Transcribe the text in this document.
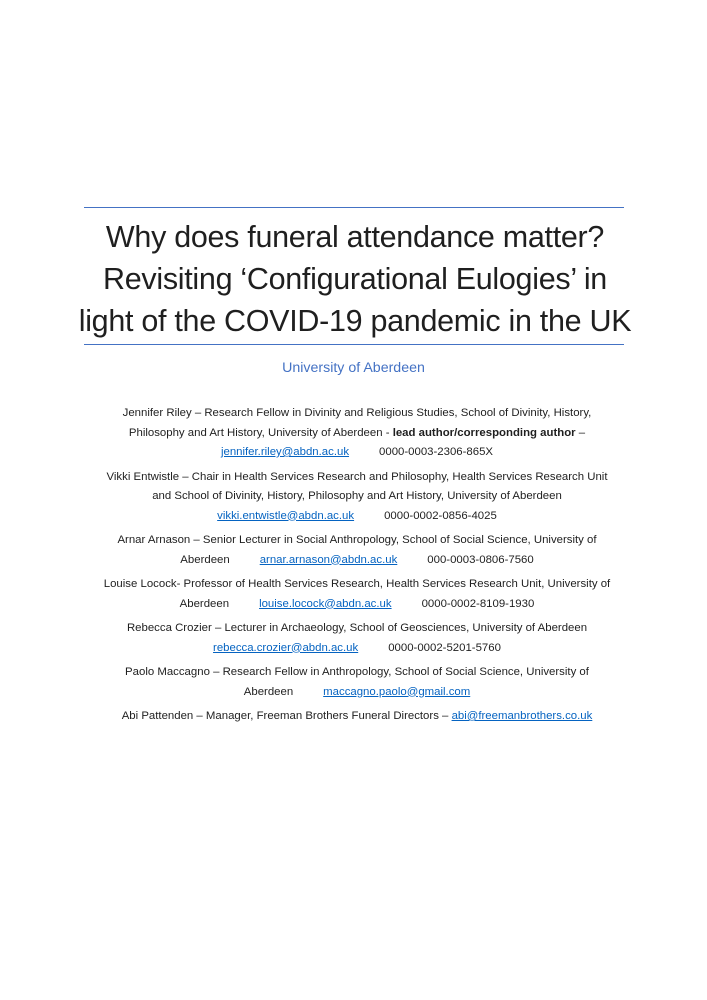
Why does funeral attendance matter?
Revisiting ‘Configurational Eulogies’ in
light of the COVID-19 pandemic in the UK
University of Aberdeen
Jennifer Riley – Research Fellow in Divinity and Religious Studies, School of Divinity, History,
Philosophy and Art History, University of Aberdeen - lead author/corresponding author –
jennifer.riley@abdn.ac.uk	0000-0003-2306-865X
Vikki Entwistle – Chair in Health Services Research and Philosophy, Health Services Research Unit
and School of Divinity, History, Philosophy and Art History, University of Aberdeen
vikki.entwistle@abdn.ac.uk	0000-0002-0856-4025
Arnar Arnason – Senior Lecturer in Social Anthropology, School of Social Science, University of
Aberdeen	arnar.arnason@abdn.ac.uk	000-0003-0806-7560
Louise Locock- Professor of Health Services Research, Health Services Research Unit, University of
Aberdeen	louise.locock@abdn.ac.uk	0000-0002-8109-1930
Rebecca Crozier – Lecturer in Archaeology, School of Geosciences, University of Aberdeen
rebecca.crozier@abdn.ac.uk	0000-0002-5201-5760
Paolo Maccagno – Research Fellow in Anthropology, School of Social Science, University of
Aberdeen	maccagno.paolo@gmail.com
Abi Pattenden – Manager, Freeman Brothers Funeral Directors – abi@freemanbrothers.co.uk
